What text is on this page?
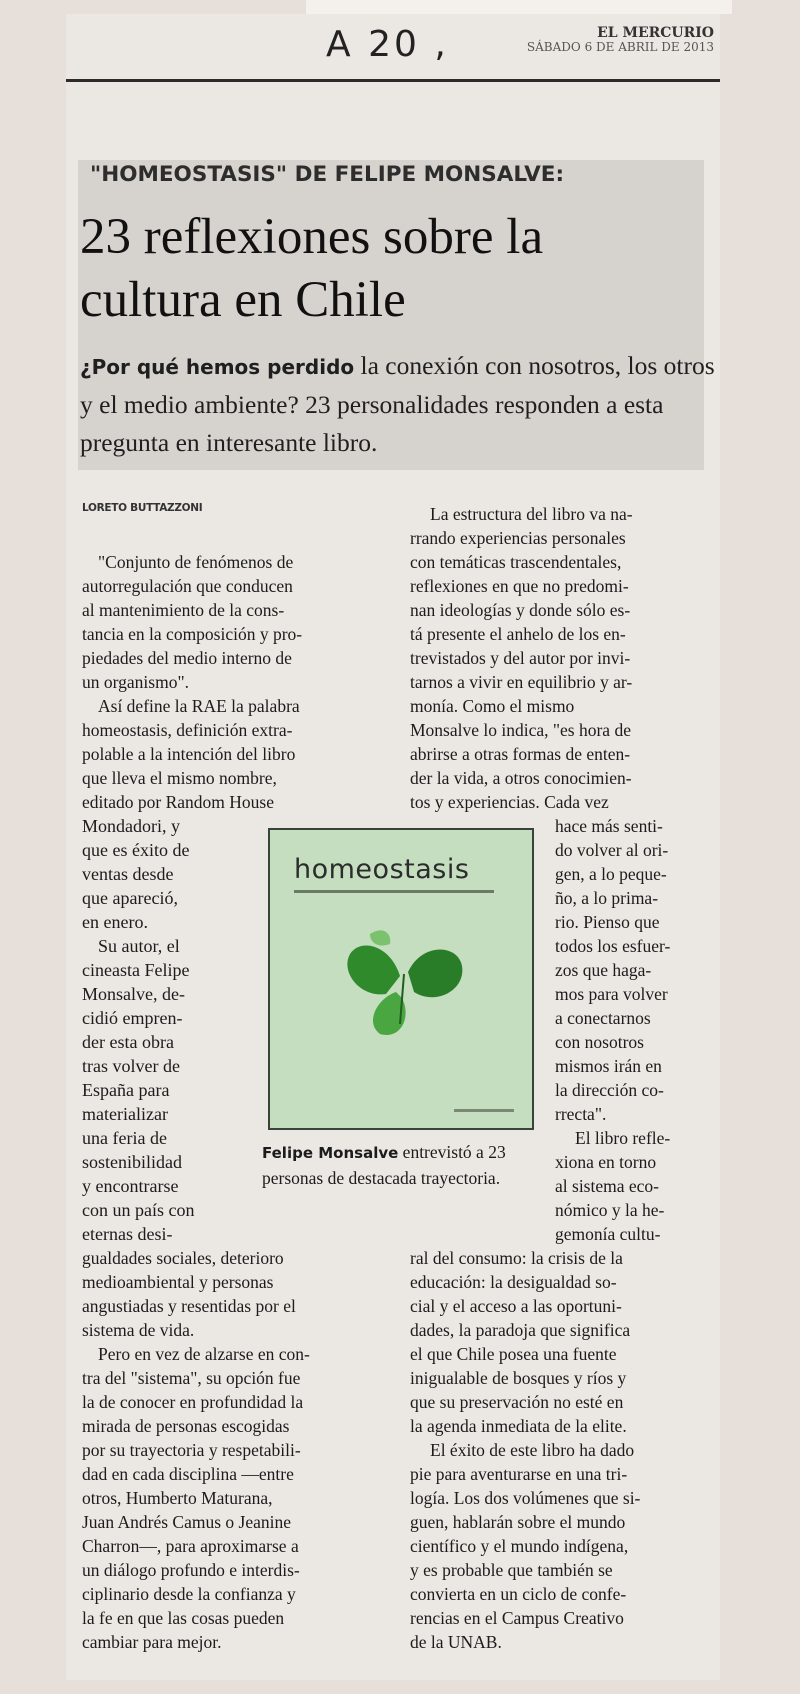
A 20 ,	EL MERCURIO
SÁBADO 6 DE ABRIL DE 2013
"HOMEOSTASIS" DE FELIPE MONSALVE:
23 reflexiones sobre la
cultura en Chile
¿Por qué hemos perdido la conexión con nosotros, los otros y el medio ambiente? 23 personalidades responden a esta pregunta en interesante libro.
LORETO BUTTAZZONI
"Conjunto de fenómenos de
autorregulación que conducen
al mantenimiento de la cons-
tancia en la composición y pro-
piedades del medio interno de
un organismo".
Así define la RAE la palabra
homeostasis, definición extra-
polable a la intención del libro
que lleva el mismo nombre,
editado por Random House
Mondadori, y
que es éxito de
ventas desde
que apareció,
en enero.
Su autor, el
cineasta Felipe
Monsalve, de-
cidió empren-
der esta obra
tras volver de
España para
materializar
una feria de
sostenibilidad
y encontrarse
con un país con
eternas desi-
gualdades sociales, deterioro
medioambiental y personas
angustiadas y resentidas por el
sistema de vida.
Pero en vez de alzarse en con-
tra del "sistema", su opción fue
la de conocer en profundidad la
mirada de personas escogidas
por su trayectoria y respetabili-
dad en cada disciplina —entre
otros, Humberto Maturana,
Juan Andrés Camus o Jeanine
Charron—, para aproximarse a
un diálogo profundo e interdis-
ciplinario desde la confianza y
la fe en que las cosas pueden
cambiar para mejor.
La estructura del libro va na-
rrando experiencias personales
con temáticas trascendentales,
reflexiones en que no predomi-
nan ideologías y donde sólo es-
tá presente el anhelo de los en-
trevistados y del autor por invi-
tarnos a vivir en equilibrio y ar-
monía. Como el mismo
Monsalve lo indica, "es hora de
abrirse a otras formas de enten-
der la vida, a otros conocimien-
tos y experiencias. Cada vez
hace más senti-
do volver al ori-
gen, a lo peque-
ño, a lo prima-
rio. Pienso que
todos los esfuer-
zos que haga-
mos para volver
a conectarnos
con nosotros
mismos irán en
la dirección co-
rrecta".
El libro refle-
xiona en torno
al sistema eco-
nómico y la he-
gemonía cultu-
ral del consumo: la crisis de la
educación: la desigualdad so-
cial y el acceso a las oportuni-
dades, la paradoja que significa
el que Chile posea una fuente
inigualable de bosques y ríos y
que su preservación no esté en
la agenda inmediata de la elite.
El éxito de este libro ha dado
pie para aventurarse en una tri-
logía. Los dos volúmenes que si-
guen, hablarán sobre el mundo
científico y el mundo indígena,
y es probable que también se
convierta en un ciclo de confe-
rencias en el Campus Creativo
de la UNAB.
homeostasis
Felipe Monsalve entrevistó a 23 personas de destacada trayectoria.
